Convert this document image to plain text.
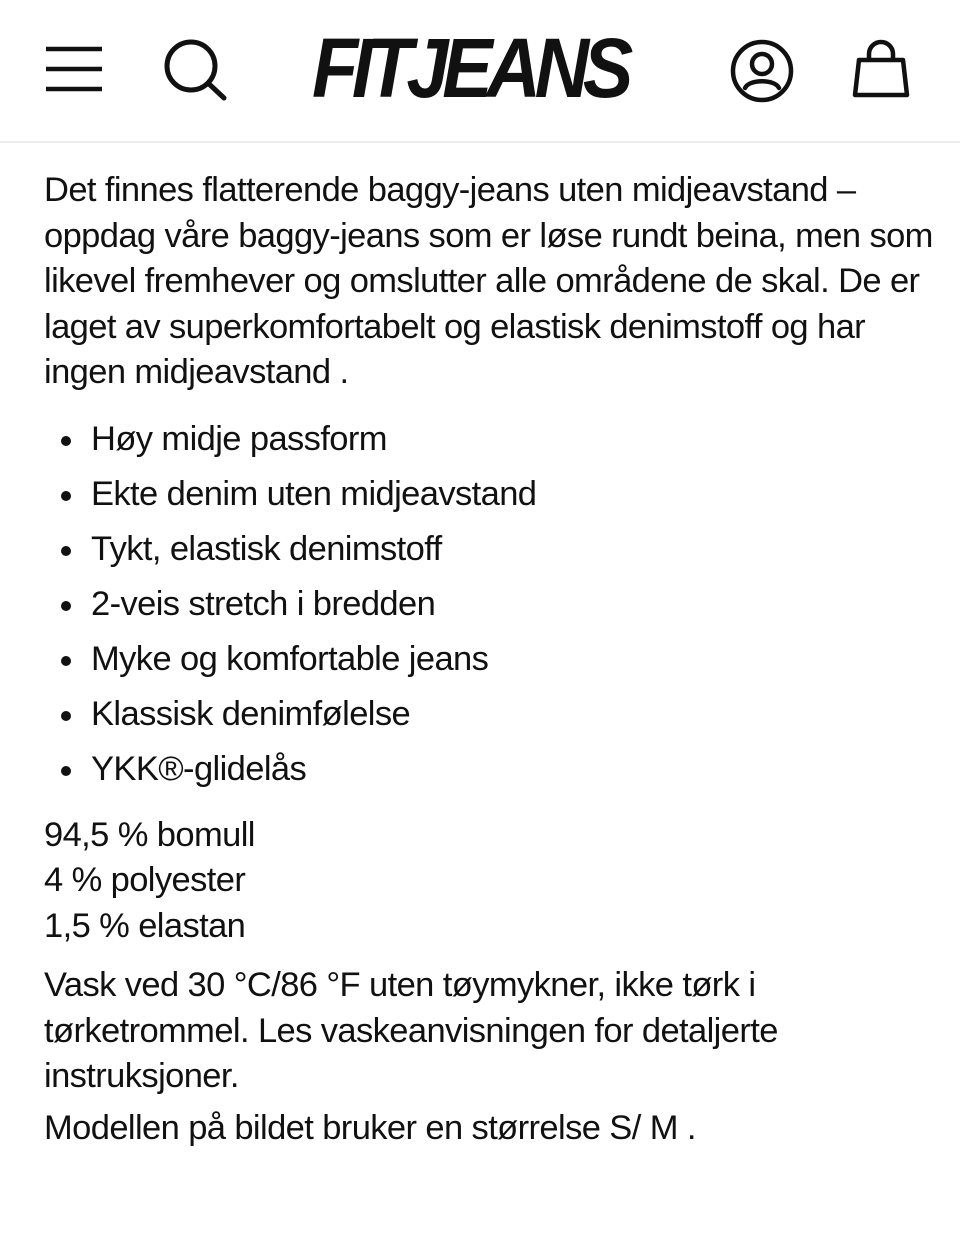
FITJEANS

Det finnes flatterende baggy-jeans uten midjeavstand – oppdag våre baggy-jeans som er løse rundt beina, men som likevel fremhever og omslutter alle områdene de skal. De er laget av superkomfortabelt og elastisk denimstoff og har ingen midjeavstand .

Høy midje passform
Ekte denim uten midjeavstand
Tykt, elastisk denimstoff
2-veis stretch i bredden
Myke og komfortable jeans
Klassisk denimfølelse
YKK®-glidelås
94,5 % bomull
4 % polyester
1,5 % elastan

Vask ved 30 °C/86 °F uten tøymykner, ikke tørk i tørketrommel. Les vaskeanvisningen for detaljerte instruksjoner.

Modellen på bildet bruker en størrelse S/ M .
